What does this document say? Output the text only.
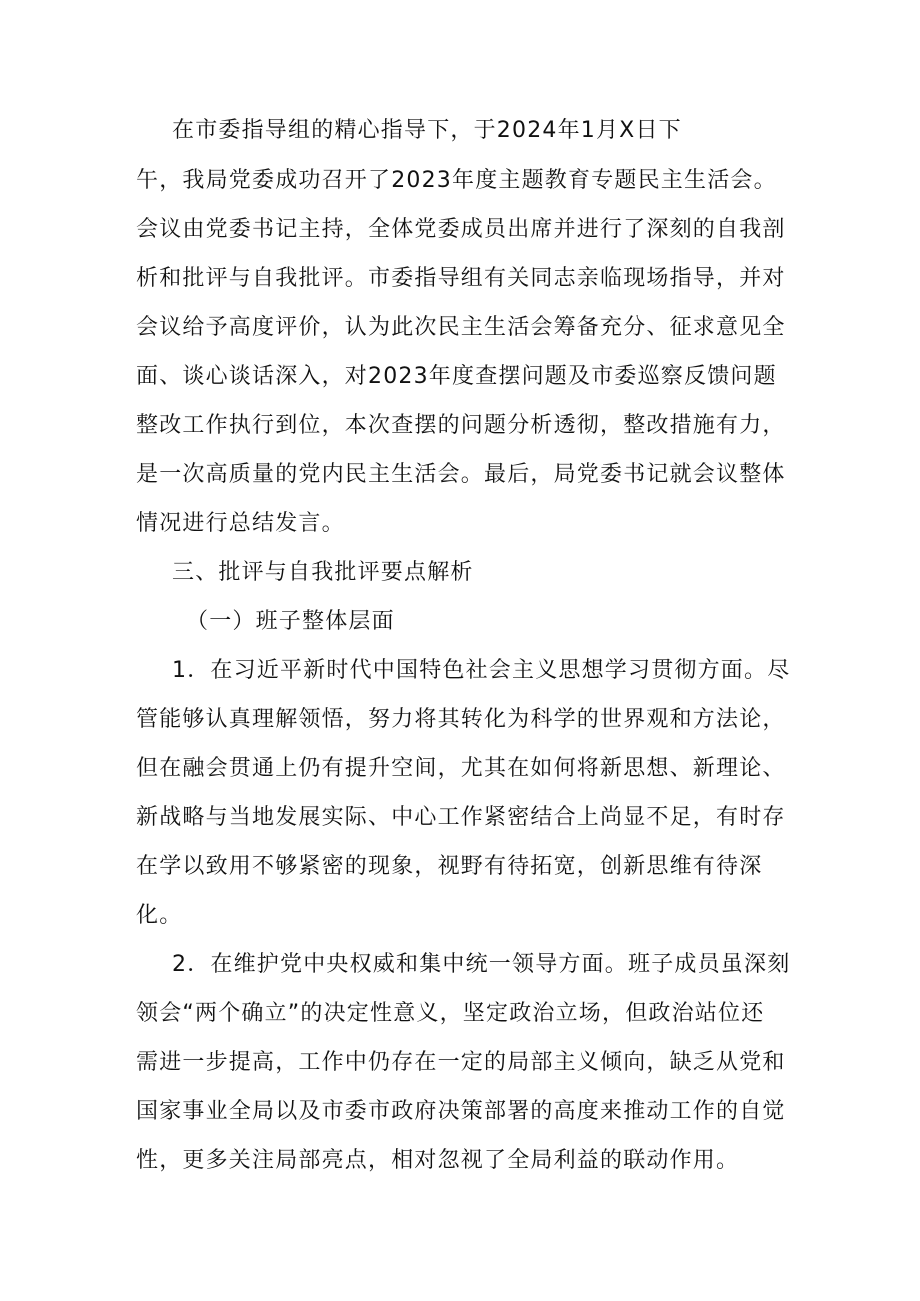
在市委指导组的精心指导下，于2024年1月X日下
午，我局党委成功召开了2023年度主题教育专题民主生活会。
会议由党委书记主持，全体党委成员出席并进行了深刻的自我剖
析和批评与自我批评。市委指导组有关同志亲临现场指导，并对
会议给予高度评价，认为此次民主生活会筹备充分、征求意见全
面、谈心谈话深入，对2023年度查摆问题及市委巡察反馈问题
整改工作执行到位，本次查摆的问题分析透彻，整改措施有力，
是一次高质量的党内民主生活会。最后，局党委书记就会议整体
情况进行总结发言。
三、批评与自我批评要点解析
（一）班子整体层面
1．在习近平新时代中国特色社会主义思想学习贯彻方面。尽
管能够认真理解领悟，努力将其转化为科学的世界观和方法论，
但在融会贯通上仍有提升空间，尤其在如何将新思想、新理论、
新战略与当地发展实际、中心工作紧密结合上尚显不足，有时存
在学以致用不够紧密的现象，视野有待拓宽，创新思维有待深
化。
2．在维护党中央权威和集中统一领导方面。班子成员虽深刻
领会“两个确立”的决定性意义，坚定政治立场，但政治站位还
需进一步提高，工作中仍存在一定的局部主义倾向，缺乏从党和
国家事业全局以及市委市政府决策部署的高度来推动工作的自觉
性，更多关注局部亮点，相对忽视了全局利益的联动作用。
